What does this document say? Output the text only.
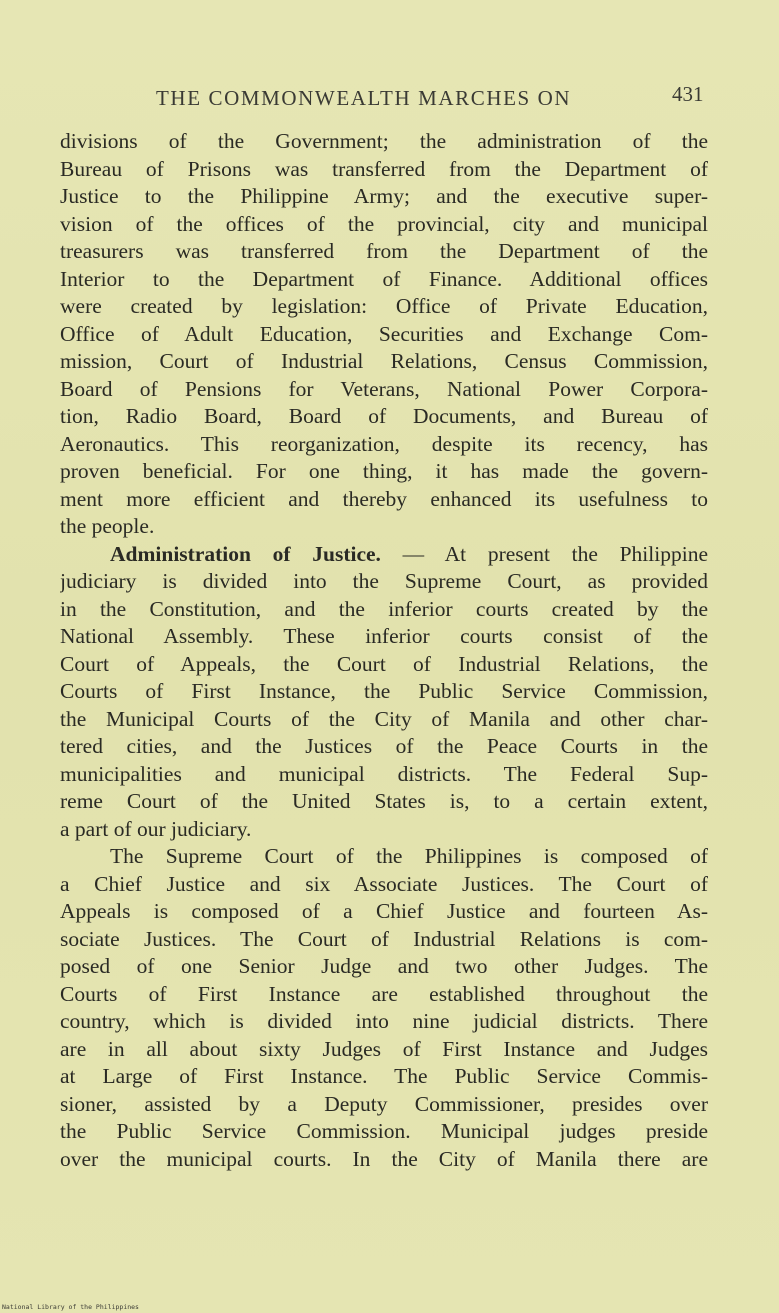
THE COMMONWEALTH MARCHES ON	431
divisions of the Government; the administration of the
Bureau of Prisons was transferred from the Department of
Justice to the Philippine Army; and the executive super-
vision of the offices of the provincial, city and municipal
treasurers was transferred from the Department of the
Interior to the Department of Finance. Additional offices
were created by legislation: Office of Private Education,
Office of Adult Education, Securities and Exchange Com-
mission, Court of Industrial Relations, Census Commission,
Board of Pensions for Veterans, National Power Corpora-
tion, Radio Board, Board of Documents, and Bureau of
Aeronautics. This reorganization, despite its recency, has
proven beneficial. For one thing, it has made the govern-
ment more efficient and thereby enhanced its usefulness to
the people.
Administration of Justice. — At present the Philippine
judiciary is divided into the Supreme Court, as provided
in the Constitution, and the inferior courts created by the
National Assembly. These inferior courts consist of the
Court of Appeals, the Court of Industrial Relations, the
Courts of First Instance, the Public Service Commission,
the Municipal Courts of the City of Manila and other char-
tered cities, and the Justices of the Peace Courts in the
municipalities and municipal districts. The Federal Sup-
reme Court of the United States is, to a certain extent,
a part of our judiciary.
The Supreme Court of the Philippines is composed of
a Chief Justice and six Associate Justices. The Court of
Appeals is composed of a Chief Justice and fourteen As-
sociate Justices. The Court of Industrial Relations is com-
posed of one Senior Judge and two other Judges. The
Courts of First Instance are established throughout the
country, which is divided into nine judicial districts. There
are in all about sixty Judges of First Instance and Judges
at Large of First Instance. The Public Service Commis-
sioner, assisted by a Deputy Commissioner, presides over
the Public Service Commission. Municipal judges preside
over the municipal courts. In the City of Manila there are
National Library of the Philippines
